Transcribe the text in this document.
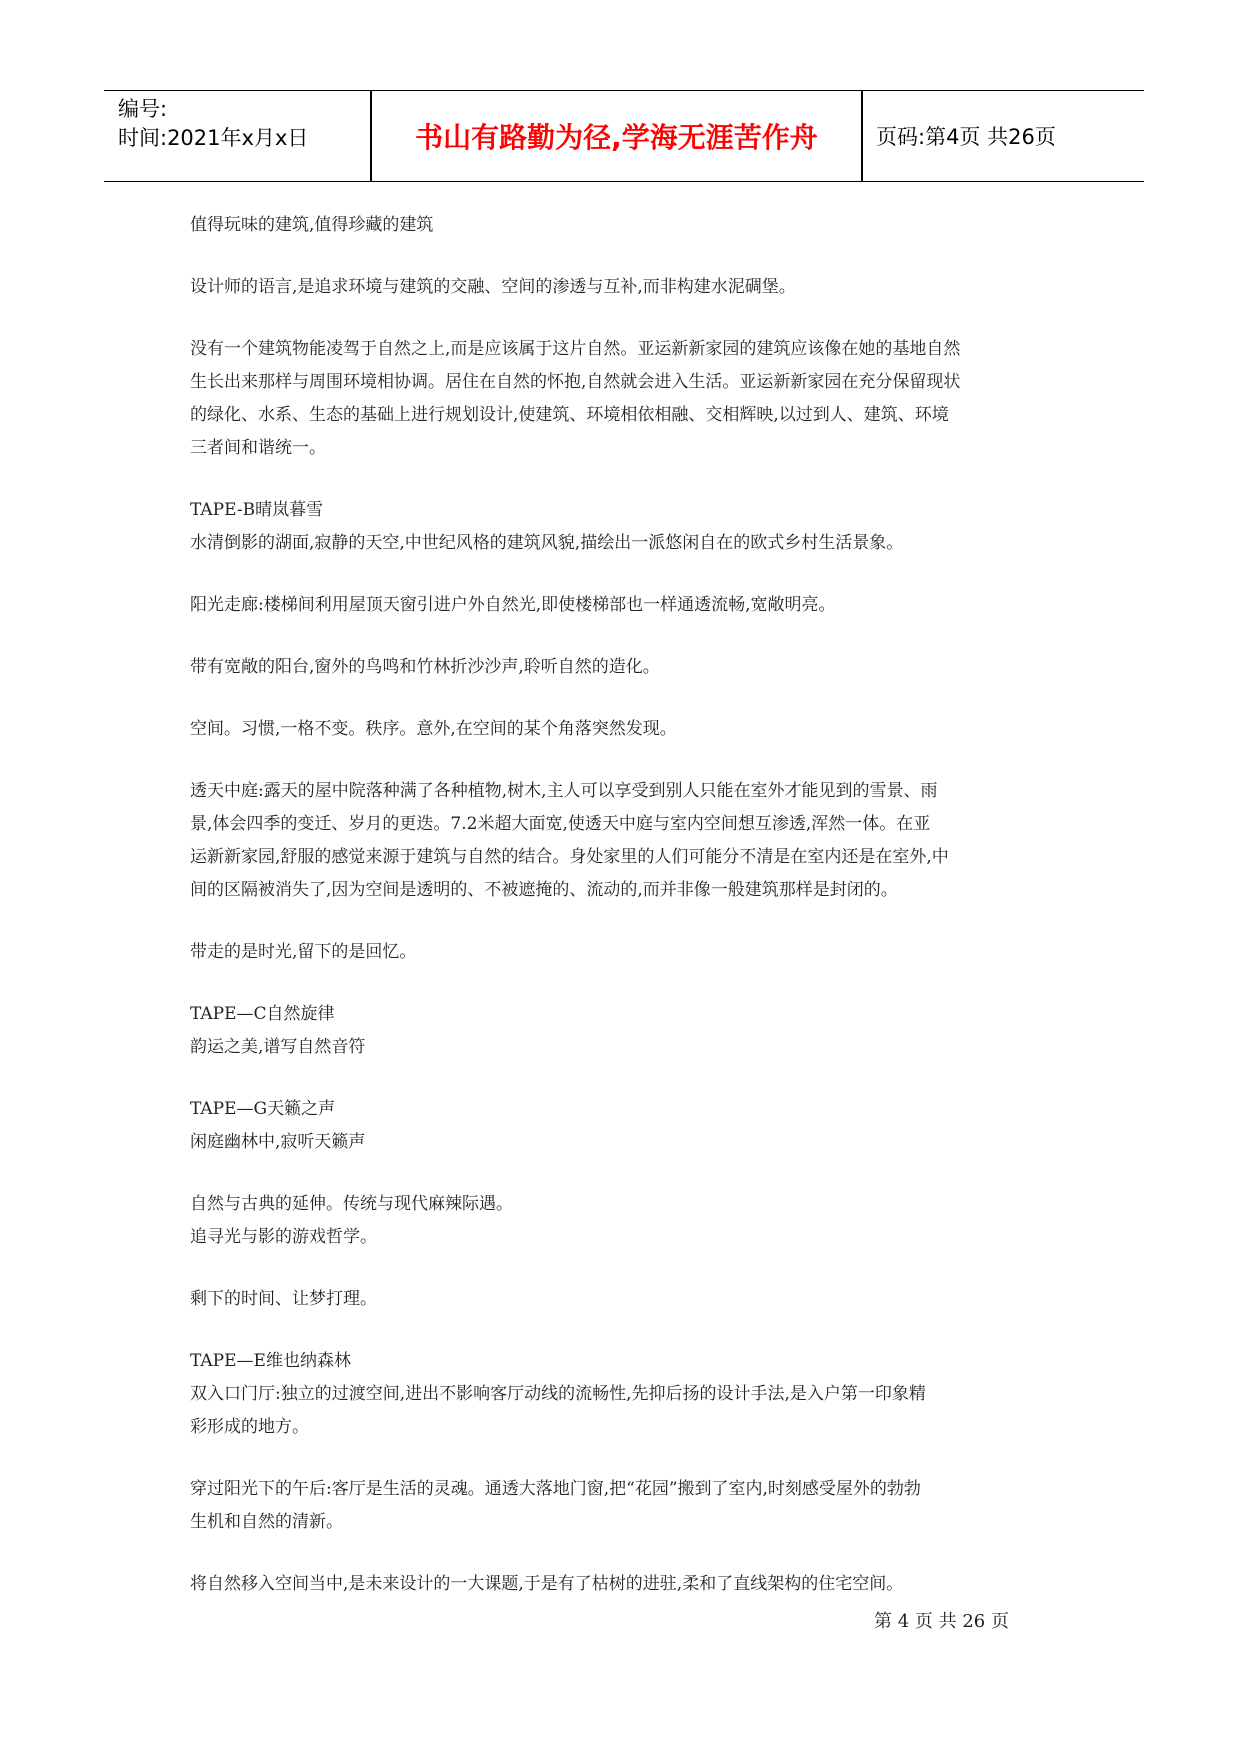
编号:
时间:2021年x月x日	书山有路勤为径,学海无涯苦作舟	页码:第4页 共26页
值得玩味的建筑,值得珍藏的建筑
设计师的语言,是追求环境与建筑的交融、空间的渗透与互补,而非构建水泥碉堡。
没有一个建筑物能凌驾于自然之上,而是应该属于这片自然。亚运新新家园的建筑应该像在她的基地自然
生长出来那样与周围环境相协调。居住在自然的怀抱,自然就会进入生活。亚运新新家园在充分保留现状
的绿化、水系、生态的基础上进行规划设计,使建筑、环境相依相融、交相辉映,以过到人、建筑、环境
三者间和谐统一。
TAPE-B晴岚暮雪
水清倒影的湖面,寂静的天空,中世纪风格的建筑风貌,描绘出一派悠闲自在的欧式乡村生活景象。
阳光走廊:楼梯间利用屋顶天窗引进户外自然光,即使楼梯部也一样通透流畅,宽敞明亮。
带有宽敞的阳台,窗外的鸟鸣和竹林折沙沙声,聆听自然的造化。
空间。习惯,一格不变。秩序。意外,在空间的某个角落突然发现。
透天中庭:露天的屋中院落种满了各种植物,树木,主人可以享受到别人只能在室外才能见到的雪景、雨
景,体会四季的变迁、岁月的更迭。7.2米超大面宽,使透天中庭与室内空间想互渗透,浑然一体。在亚
运新新家园,舒服的感觉来源于建筑与自然的结合。身处家里的人们可能分不清是在室内还是在室外,中
间的区隔被消失了,因为空间是透明的、不被遮掩的、流动的,而并非像一般建筑那样是封闭的。
带走的是时光,留下的是回忆。
TAPE—C自然旋律
韵运之美,谱写自然音符
TAPE—G天籁之声
闲庭幽林中,寂听天籁声
自然与古典的延伸。传统与现代麻辣际遇。
追寻光与影的游戏哲学。
剩下的时间、让梦打理。
TAPE—E维也纳森林
双入口门厅:独立的过渡空间,进出不影响客厅动线的流畅性,先抑后扬的设计手法,是入户第一印象精
彩形成的地方。
穿过阳光下的午后:客厅是生活的灵魂。通透大落地门窗,把“花园”搬到了室内,时刻感受屋外的勃勃
生机和自然的清新。
将自然移入空间当中,是未来设计的一大课题,于是有了枯树的进驻,柔和了直线架构的住宅空间。
第 4 页 共 26 页
